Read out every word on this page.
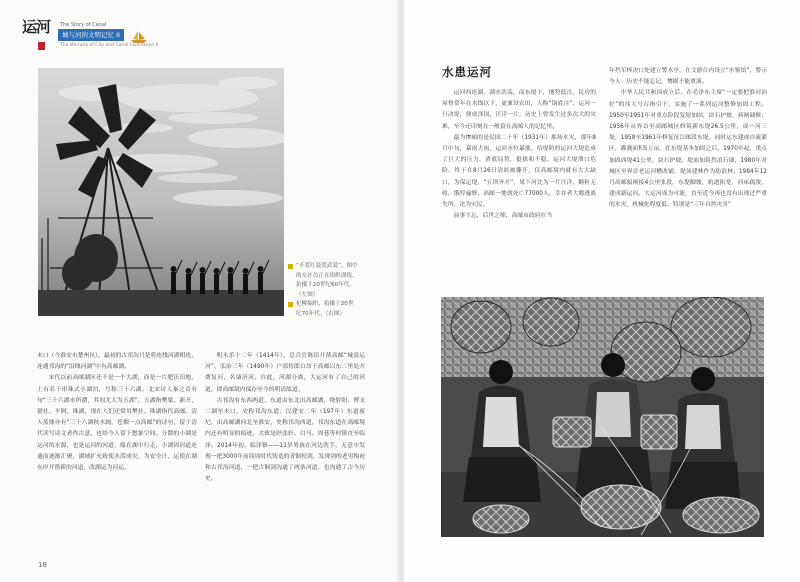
运河 The Story of Canal
城与河的文明记忆 II
The Memory of City and Canal Civilization II
“不爱红装爱武装”，图中的女社员正在组织训练，拍摄于20世纪60年代。（左图）
杞柳编织，拍摄于20世纪70年代。（右图）

末口（今淮安市楚州区）。最初的古邗沟只是将连线河湖相连，连通邗沟的“沿线河湖”中有高邮湖。

宋代以前高邮湖区还不是一个大湖，而是一片肥沃田地，上有若干串珠式小湖泊，号称三十六湖。北宋诗人秦之奇有句“三十六湖水所潴，其间尤大为五湖”，五湖指樊梁、新开、甓社、平阿、珠湖，现在人们还常用樊社、珠湖指代高邮。清人蓝鼎亦有“三十六湖秋水阔，苍烟一点高邮”的诗句，留于清代读写诗文者作古意，也给今人留下想象空间。分散的小湖是运河的水源，也是运河的河道，船在湖中行走，小湖因河道连通而逐渐汇聚，湖域扩充致使水涝成灾，为安全计，运使在湖东岸开凿新的河道，改湖运为河运。

明永乐十二年（1414年），总兵官陈瑄开凿高邮“城南运河”，弘治三年（1490年）户部侍郎白昂于高邮以东三里处开凿复河，名康济河，自此，河湖分离，大运河有了自己的河道，即高邮境内保存至今的明清故道。

古邗沟有东西两道，东道由东北出高邮湖，绕射阳、博支二湖至末口，史称邗沟东道；汉建安二年（197年）东道废圮，由高邮湖向北至淮安，史称邗沟西道。邗沟东道在高邮境内还有明显的痕迹，大致是经张轩、白马、周巷等村镇直至临泽。2014年初，临泽镇——11岁男孩在河边洗手，无意中发现一把3000年前商周时代铸造的青铜短剑，发现剑的老男梅祝和古邗沟河道，一把古铜剑沟通了两条河道，也沟通了古今历史。

水患运河

运河西连湖，湖水浩荡，而东堤下，地势低洼，民房的屋脊常年在水线以下，更兼设农田，人称“锅底洼”，运河一旦决堤，便成泽国，汪洋一片，历史上曾发生过多次大的灾难，至今还印刻在一般留在高邮人的记忆里。

最为惨痛的是民国二十年（1931年）那场水灾，那年8月中旬，暴雨大雨，运河水位暴涨，给堤防的运河大堤造成了巨大的压力，渣底局势，挺拔和不稳，运河大堤溃口危险。终于在8月26日清晨被撕开，仅高邮境内就有大大缺口，为保运堤，“五坝齐开”，果下河比为一片汪洋，颗粒无收，饿殍遍野，高邮一地就死亡77000人，幸存者大都逃离失所，沦为灾民。

前事不忘，后世之师，高邮市政府在当

年挡军棒决口处建立警水亭，在文游台内设立“水鉴馆”，警示今人：历史不能忘记，惨剧不能重演。

中华人民共和国成立后，在毛泽东主席“一定要把淮河治好”的伟大号召指引下，实施了一系列运河整修加固工程。1950至1951年对重点险段复堤加固，块石护坡，病闸调修；1956年从界首至高邮城区修筑新东堤26.5公里，成一河三堤，1958至1961年修复征江邮段东堤，同时运东建成自流灌区，灌溉面积5万亩。在东堤基本加固之后，1970年起，重点加固西堤41公里，块石护坡，堤面加筑挡浪石墙，1980年对城区至界首老运河槽改铺，堤顶建林作为防浪林；1984年12月高邮船闸接4公里张段，东堤脚坡，航道拓宽，河床疏浚，建成新运河，大运河成为可能，直至近今再也没有出现过严重的水灾，机械化程度低、特别是“三年自然灾害”

18
